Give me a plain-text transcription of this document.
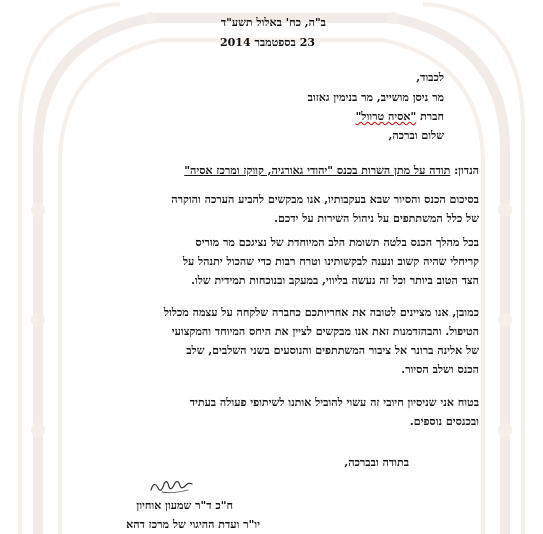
ב"ה, כח' באלול תשע"ד
23 בספטמבר 2014
לכבוד,
מר ניסן מושייב, מר בנימין גאזוב
חברת "אסיה טרוול"
שלום וברכה,
הנדון: תודה על מתן השרות בכנס "יהודי גאורגיה, קווקז ומרכז אסיה"
בסיכום הכנס והסיור שבא בעקבותיו, אנו מבקשים להביע הערכה והוקרה
של כלל המשתתפים על ניהול השירות על ידכם.
בכל מהלך הכנס בלטה תשומת הלב המיוחדת של נציגכם מר מוריס
קריחלי שהיה קשוב ונענה לבקשותינו וטרח רבות כדי שהכול יתנהל על
הצד הטוב ביותר וכל זה נעשה בליווי, במעקב ובנוכחות תמידית שלו.
כמובן, אנו מציינים לטובה את אחריותכם כחברה שלקחה על עצמה מכלול
הטיפול. והבהזדמנות זאת אנו מבקשים לציין את היחס המיוחד והמקצועי
של אלינה ברונר אל ציבור המשתתפים והנוסעים בשני השלבים, שלב
הכנס ושלב הסיור.
בטוח אני שניסיון חיובי זה עשוי להוביל אותנו לשיתופי פעולה בעתיד
ובכנסים נוספים.
בתודה ובברכה,
ח"כ ד"ר שמעון אוחיון
יו"ר ועדת ההיגוי של מרכז דהא
